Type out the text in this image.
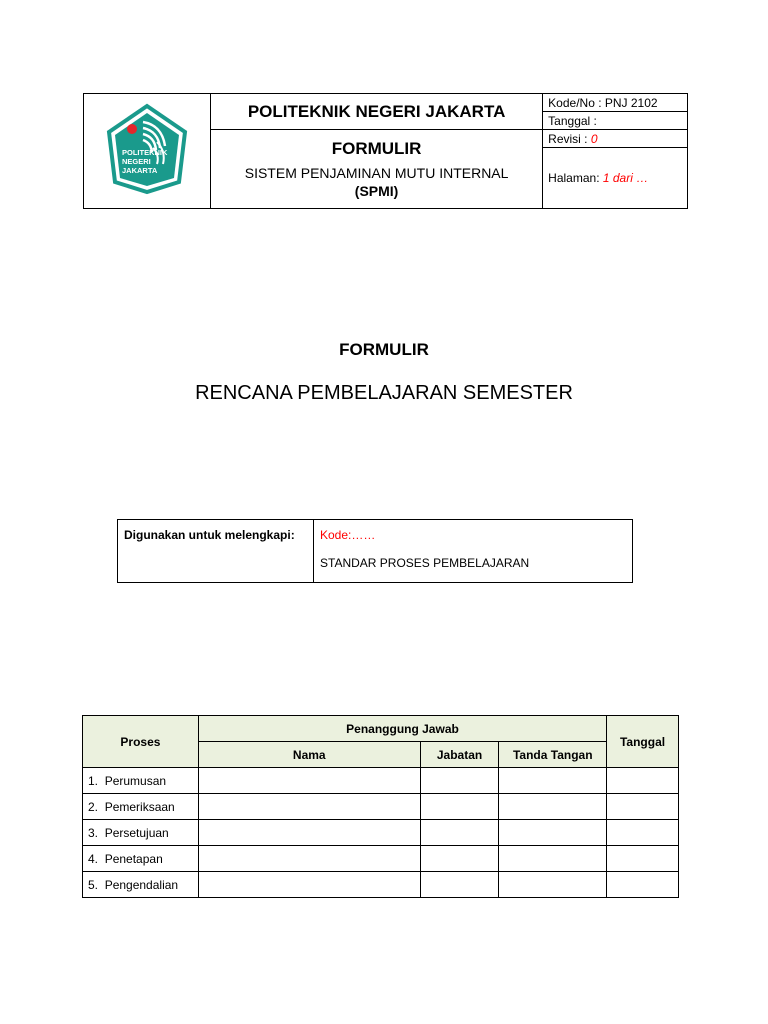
POLITEKNIK
NEGERI
JAKARTA	POLITEKNIK NEGERI JAKARTA	Kode/No : PNJ 2102
		Tanggal :

	FORMULIR
SISTEM PENJAMINAN MUTU INTERNAL
(SPMI)	Revisi : 0
		Halaman: 1 dari …
FORMULIR
RENCANA PEMBELAJARAN SEMESTER
Digunakan untuk melengkapi:	Kode:……
STANDAR PROSES PEMBELAJARAN
Proses	Penanggung Jawab			Tanggal
	Nama	Jabatan	Tanda Tangan	
1. Perumusan				
2. Pemeriksaan				
3. Persetujuan				
4. Penetapan				
5. Pengendalian				
